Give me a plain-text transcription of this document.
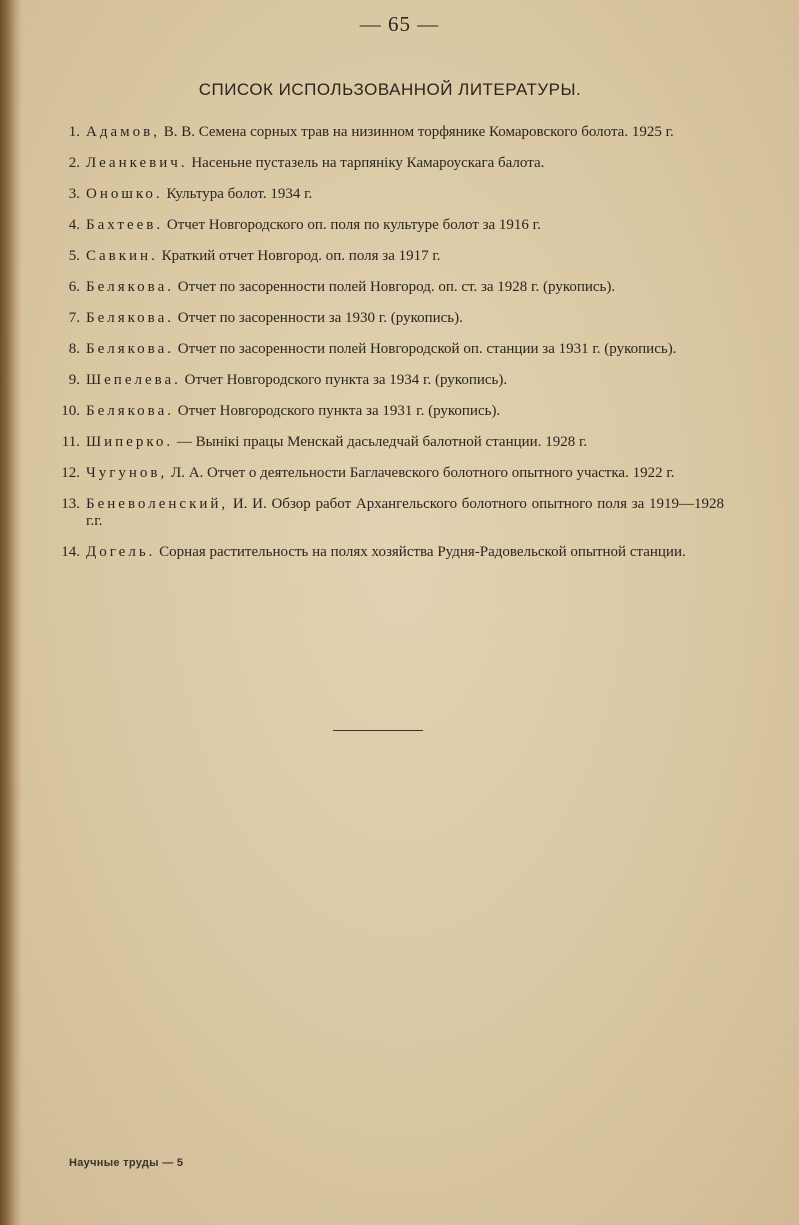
— 65 —
СПИСОК ИСПОЛЬЗОВАННОЙ ЛИТЕРАТУРЫ.
1. Адамов, В. В. Семена сорных трав на низинном торфянике Комаровского болота. 1925 г.
2. Леанкевич. Насеньне пустазель на тарпяніку Камароускага балота.
3. Оношко. Культура болот. 1934 г.
4. Бахтеев. Отчет Новгородского оп. поля по культуре болот за 1916 г.
5. Савкин. Краткий отчет Новгород. оп. поля за 1917 г.
6. Белякова. Отчет по засоренности полей Новгород. оп. ст. за 1928 г. (рукопись).
7. Белякова. Отчет по засоренности за 1930 г. (рукопись).
8. Белякова. Отчет по засоренности полей Новгородской оп. станции за 1931 г. (рукопись).
9. Шепелева. Отчет Новгородского пункта за 1934 г. (рукопись).
10. Белякова. Отчет Новгородского пункта за 1931 г. (рукопись).
11. Шиперко. — Вынікі працы Менскай дасьледчай балотной станции. 1928 г.
12. Чугунов, Л. А. Отчет о деятельности Баглачевского болотного опытного участка. 1922 г.
13. Беневоленский, И. И. Обзор работ Архангельского болотного опытного поля за 1919—1928 г.г.
14. Догель. Сорная растительность на полях хозяйства Рудня-Радовельской опытной станции.
Научные труды — 5
